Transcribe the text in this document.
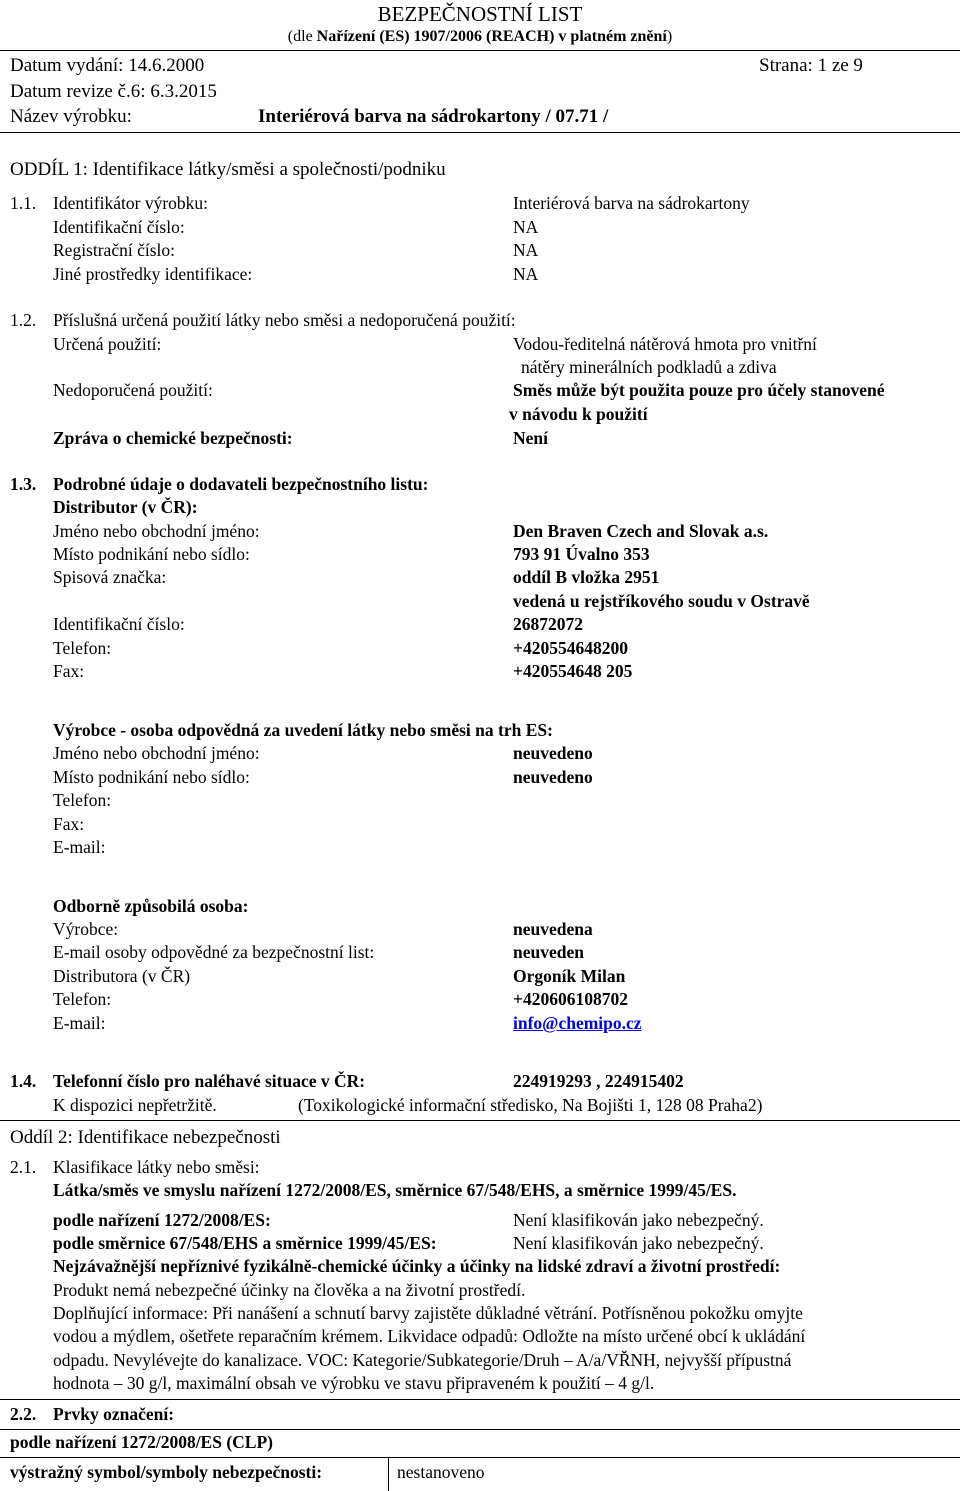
BEZPEČNOSTNÍ LIST
(dle Nařízení (ES) 1907/2006 (REACH) v platném znění)
Datum vydání: 14.6.2000	Strana: 1 ze 9
Datum revize č.6: 6.3.2015
Název výrobku:	Interiérová barva na sádrokartony / 07.71 /
ODDÍL 1: Identifikace látky/směsi a společnosti/podniku
1.1. Identifikátor výrobku:	Interiérová barva na sádrokartony
Identifikační číslo:	NA
Registrační číslo:	NA
Jiné prostředky identifikace:	NA
1.2. Příslušná určená použití látky nebo směsi a nedoporučená použití:
Určená použití:	Vodou-ředitelná nátěrová hmota pro vnitřní
nátěry minerálních podkladů a zdiva
Nedoporučená použití:	Směs může být použita pouze pro účely stanovené
v návodu k použití
Zpráva o chemické bezpečnosti:	Není
1.3. Podrobné údaje o dodavateli bezpečnostního listu:
Distributor (v ČR):
Jméno nebo obchodní jméno:	Den Braven Czech and Slovak a.s.
Místo podnikání nebo sídlo:	793 91 Úvalno 353
Spisová značka:	oddíl B vložka 2951
vedená u rejstříkového soudu v Ostravě
Identifikační číslo:	26872072
Telefon:	+420554648200
Fax:	+420554648 205
Výrobce - osoba odpovědná za uvedení látky nebo směsi na trh ES:
Jméno nebo obchodní jméno:	neuvedeno
Místo podnikání nebo sídlo:	neuvedeno
Telefon:
Fax:
E-mail:
Odborně způsobilá osoba:
Výrobce:	neuvedena
E-mail osoby odpovědné za bezpečnostní list:	neuveden
Distributora (v ČR)	Orgoník Milan
Telefon:	+420606108702
E-mail:	info@chemipo.cz
1.4. Telefonní číslo pro naléhavé situace v ČR:	224919293 , 224915402
K dispozici nepřetržitě.	(Toxikologické informační středisko, Na Bojišti 1, 128 08 Praha2)
Oddíl 2: Identifikace nebezpečnosti
2.1. Klasifikace látky nebo směsi:
Látka/směs ve smyslu nařízení 1272/2008/ES, směrnice 67/548/EHS, a směrnice 1999/45/ES.
podle nařízení 1272/2008/ES:	Není klasifikován jako nebezpečný.
podle směrnice 67/548/EHS a směrnice 1999/45/ES:	Není klasifikován jako nebezpečný.
Nejzávažnější nepříznivé fyzikálně-chemické účinky a účinky na lidské zdraví a životní prostředí:
Produkt nemá nebezpečné účinky na člověka a na životní prostředí.
Doplňující informace: Při nanášení a schnutí barvy zajistěte důkladné větrání. Potřísněnou pokožku omyjte
vodou a mýdlem, ošetřete reparačním krémem. Likvidace odpadů: Odložte na místo určené obcí k ukládání
odpadu. Nevylévejte do kanalizace. VOC: Kategorie/Subkategorie/Druh – A/a/VŘNH, nejvyšší přípustná
hodnota – 30 g/l, maximální obsah ve výrobku ve stavu připraveném k použití – 4 g/l.
2.2. Prvky označení:
podle nařízení 1272/2008/ES (CLP)
výstražný symbol/symboly nebezpečnosti:	nestanoveno
